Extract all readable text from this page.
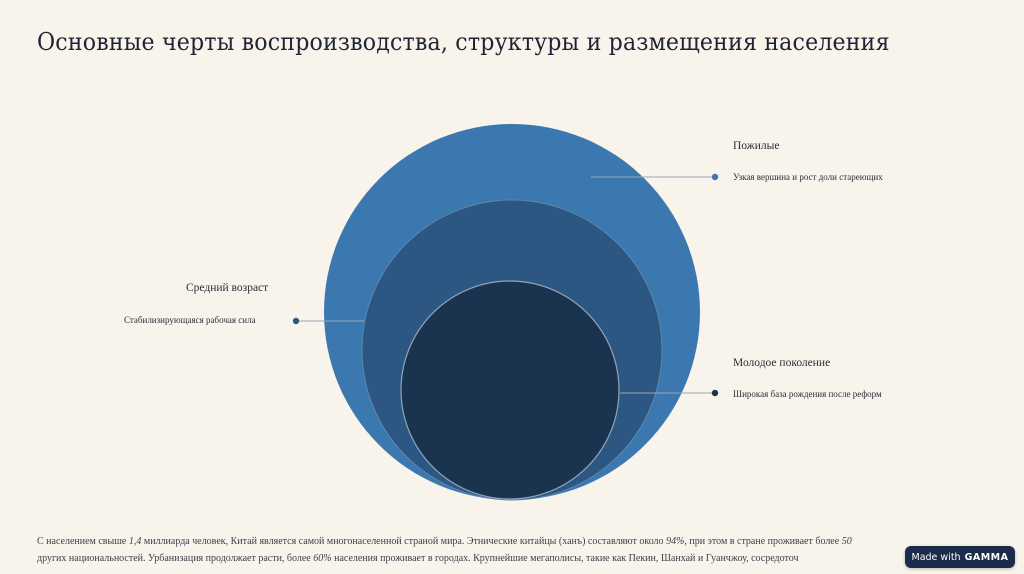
Основные черты воспроизводства, структуры и размещения населения
Пожилые
Узкая вершина и рост доли стареющих
Средний возраст
Стабилизирующаяся рабочая сила
Молодое поколение
Широкая база рождения после реформ

С населением свыше 1,4 миллиарда человек, Китай является самой многонаселенной страной мира. Этнические китайцы (ханъ) составляют около 94%, при этом в стране проживает более 50

других национальностей. Урбанизация продолжает расти, более 60% населения проживает в городах. Крупнейшие мегаполисы, такие как Пекин, Шанхай и Гуанчжоу, сосредоточ	Made with GAMMA
